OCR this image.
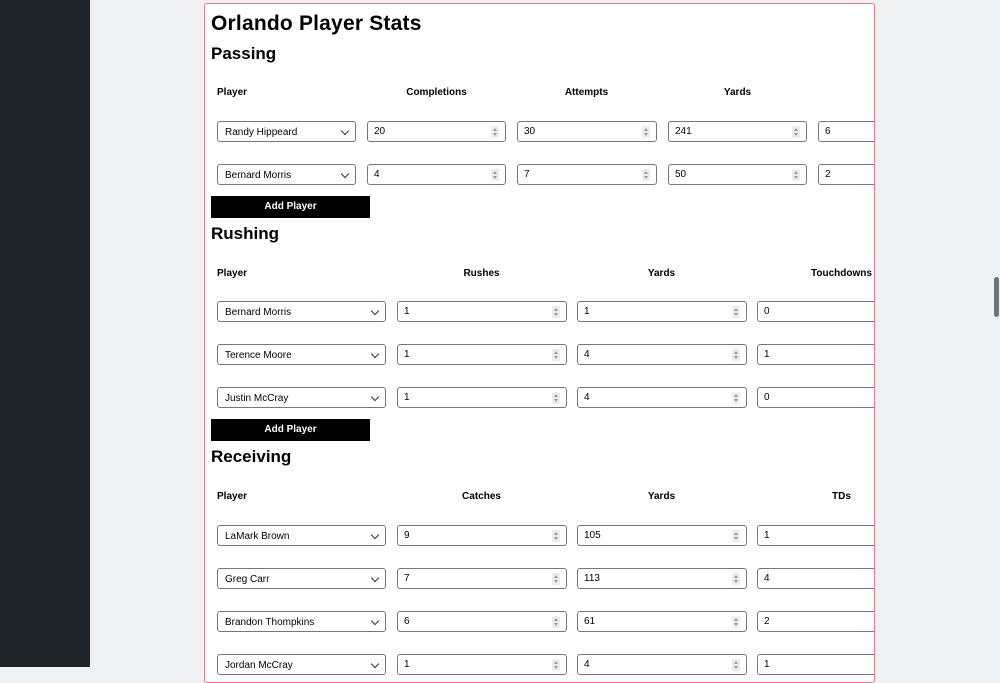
Orlando Player Stats
Passing
Player	Completions	Attempts	Yards
Randy Hippeard	20	30	241	6
Bernard Morris	4	7	50	2
Add Player
Rushing
Player	Rushes	Yards	Touchdowns
Bernard Morris	1	1	0
Terence Moore	1	4	1
Justin McCray	1	4	0
Add Player
Receiving
Player	Catches	Yards	TDs
LaMark Brown	9	105	1
Greg Carr	7	113	4
Brandon Thompkins	6	61	2
Jordan McCray	1	4	1
